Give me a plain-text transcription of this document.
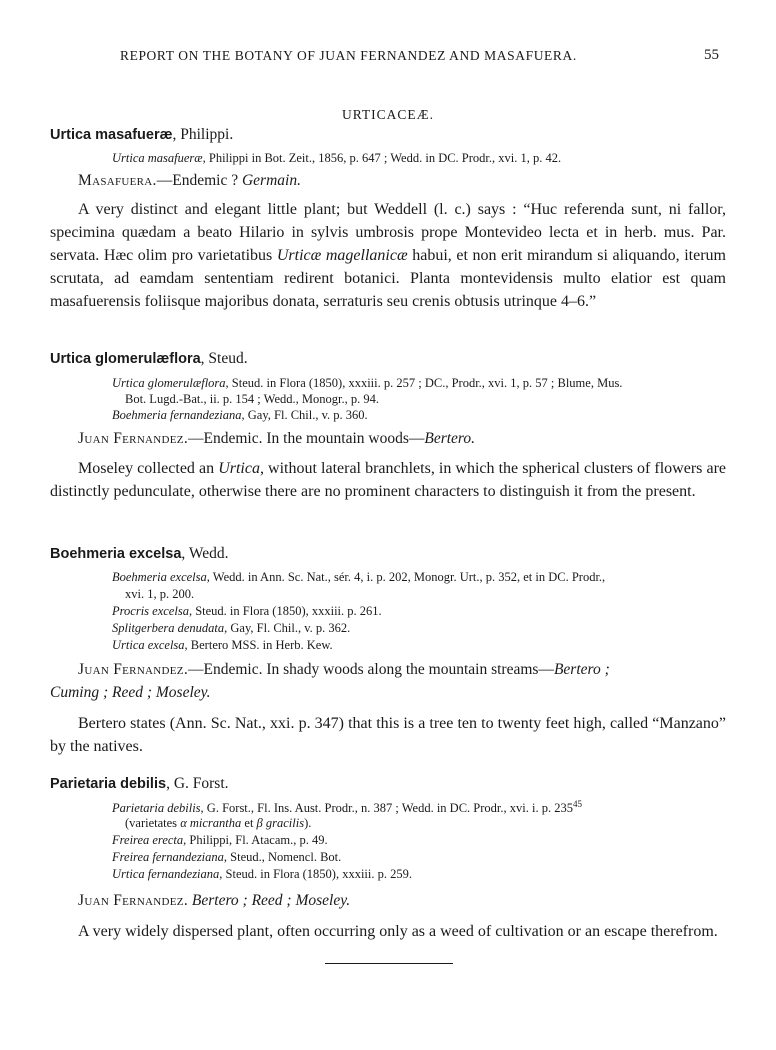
REPORT ON THE BOTANY OF JUAN FERNANDEZ AND MASAFUERA.	55
URTICACEÆ.
Urtica masafueræ, Philippi.
Urtica masafueræ, Philippi in Bot. Zeit., 1856, p. 647 ; Wedd. in DC. Prodr., xvi. 1, p. 42.
Masafuera.—Endemic ? Germain.
A very distinct and elegant little plant; but Weddell (l. c.) says : “Huc referenda sunt, ni fallor, specimina quædam a beato Hilario in sylvis umbrosis prope Montevideo lecta et in herb. mus. Par. servata. Hæc olim pro varietatibus Urticæ magellanicæ habui, et non erit mirandum si aliquando, iterum scrutata, ad eamdam sententiam redirent botanici. Planta montevidensis multo elatior est quam masafuerensis foliisque majoribus donata, serraturis seu crenis obtusis utrinque 4–6.”
Urtica glomerulæflora, Steud.
Urtica glomerulæflora, Steud. in Flora (1850), xxxiii. p. 257 ; DC., Prodr., xvi. 1, p. 57 ; Blume, Mus.
Bot. Lugd.-Bat., ii. p. 154 ; Wedd., Monogr., p. 94.
Boehmeria fernandeziana, Gay, Fl. Chil., v. p. 360.
Juan Fernandez.—Endemic. In the mountain woods—Bertero.
Moseley collected an Urtica, without lateral branchlets, in which the spherical clusters of flowers are distinctly pedunculate, otherwise there are no prominent characters to distinguish it from the present.
Boehmeria excelsa, Wedd.
Boehmeria excelsa, Wedd. in Ann. Sc. Nat., sér. 4, i. p. 202, Monogr. Urt., p. 352, et in DC. Prodr.,
xvi. 1, p. 200.
Procris excelsa, Steud. in Flora (1850), xxxiii. p. 261.
Splitgerbera denudata, Gay, Fl. Chil., v. p. 362.
Urtica excelsa, Bertero MSS. in Herb. Kew.
Juan Fernandez.—Endemic. In shady woods along the mountain streams—Bertero ;
Cuming ; Reed ; Moseley.
Bertero states (Ann. Sc. Nat., xxi. p. 347) that this is a tree ten to twenty feet high, called “Manzano” by the natives.
Parietaria debilis, G. Forst.
Parietaria debilis, G. Forst., Fl. Ins. Aust. Prodr., n. 387 ; Wedd. in DC. Prodr., xvi. i. p. $235^{45}$
(varietates α micrantha et β gracilis).
Freirea erecta, Philippi, Fl. Atacam., p. 49.
Freirea fernandeziana, Steud., Nomencl. Bot.
Urtica fernandeziana, Steud. in Flora (1850), xxxiii. p. 259.
Juan Fernandez. Bertero ; Reed ; Moseley.
A very widely dispersed plant, often occurring only as a weed of cultivation or an escape therefrom.
